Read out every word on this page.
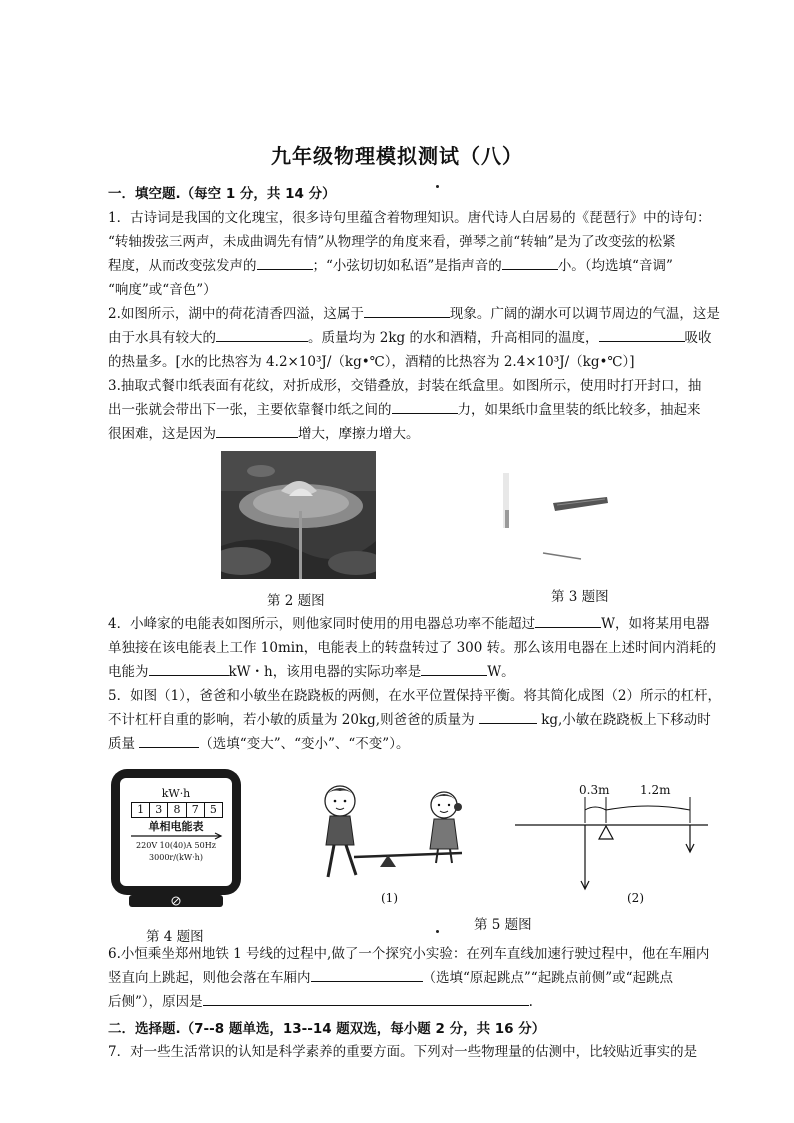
九年级物理模拟测试（八）
一．填空题.（每空 1 分，共 14 分）
1．古诗词是我国的文化瑰宝，很多诗句里蕴含着物理知识。唐代诗人白居易的《琵琶行》中的诗句：
“转轴拨弦三两声，未成曲调先有情”从物理学的角度来看，弹琴之前“转轴”是为了改变弦的松紧
程度，从而改变弦发声的	；“小弦切切如私语”是指声音的	小。（均选填“音调”
“响度”或“音色”）
2.如图所示，湖中的荷花清香四溢，这属于	现象。广阔的湖水可以调节周边的气温，这是
由于水具有较大的	。质量均为 2kg 的水和酒精，升高相同的温度，	吸收
的热量多。[水的比热容为 4.2×10³J/（kg•℃），酒精的比热容为 2.4×10³J/（kg•℃）]
3.抽取式餐巾纸表面有花纹，对折成形，交错叠放，封装在纸盒里。如图所示，使用时打开封口，抽
出一张就会带出下一张，主要依靠餐巾纸之间的	力，如果纸巾盒里装的纸比较多，抽起来
很困难，这是因为	增大，摩擦力增大。
第 2 题图	第 3 题图
4．小峰家的电能表如图所示，则他家同时使用的用电器总功率不能超过	W，如将某用电器
单独接在该电能表上工作 10min，电能表上的转盘转过了 300 转。那么该用电器在上述时间内消耗的
电能为	kW・h，该用电器的实际功率是	W。
5．如图（1），爸爸和小敏坐在跷跷板的两侧，在水平位置保持平衡。将其简化成图（2）所示的杠杆，
不计杠杆自重的影响，若小敏的质量为 20kg,则爸爸的质量为	kg,小敏在跷跷板上下移动时
质量	（选填“变大”、“变小”、“不变”）。
kW·h
1	3	8	7	5
单相电能表
220V 10(40)A 50Hz
3000r/(kW·h)
第 4 题图
(1)
0.3m	1.2m
(2)
第 5 题图
6.小恒乘坐郑州地铁 1 号线的过程中,做了一个探究小实验：在列车直线加速行驶过程中，他在车厢内
竖直向上跳起，则他会落在车厢内	（选填“原起跳点”“起跳点前侧”或“起跳点
后侧”），原因是	.
二．选择题.（7--8 题单选，13--14 题双选，每小题 2 分，共 16 分）
7．对一些生活常识的认知是科学素养的重要方面。下列对一些物理量的估测中，比较贴近事实的是
